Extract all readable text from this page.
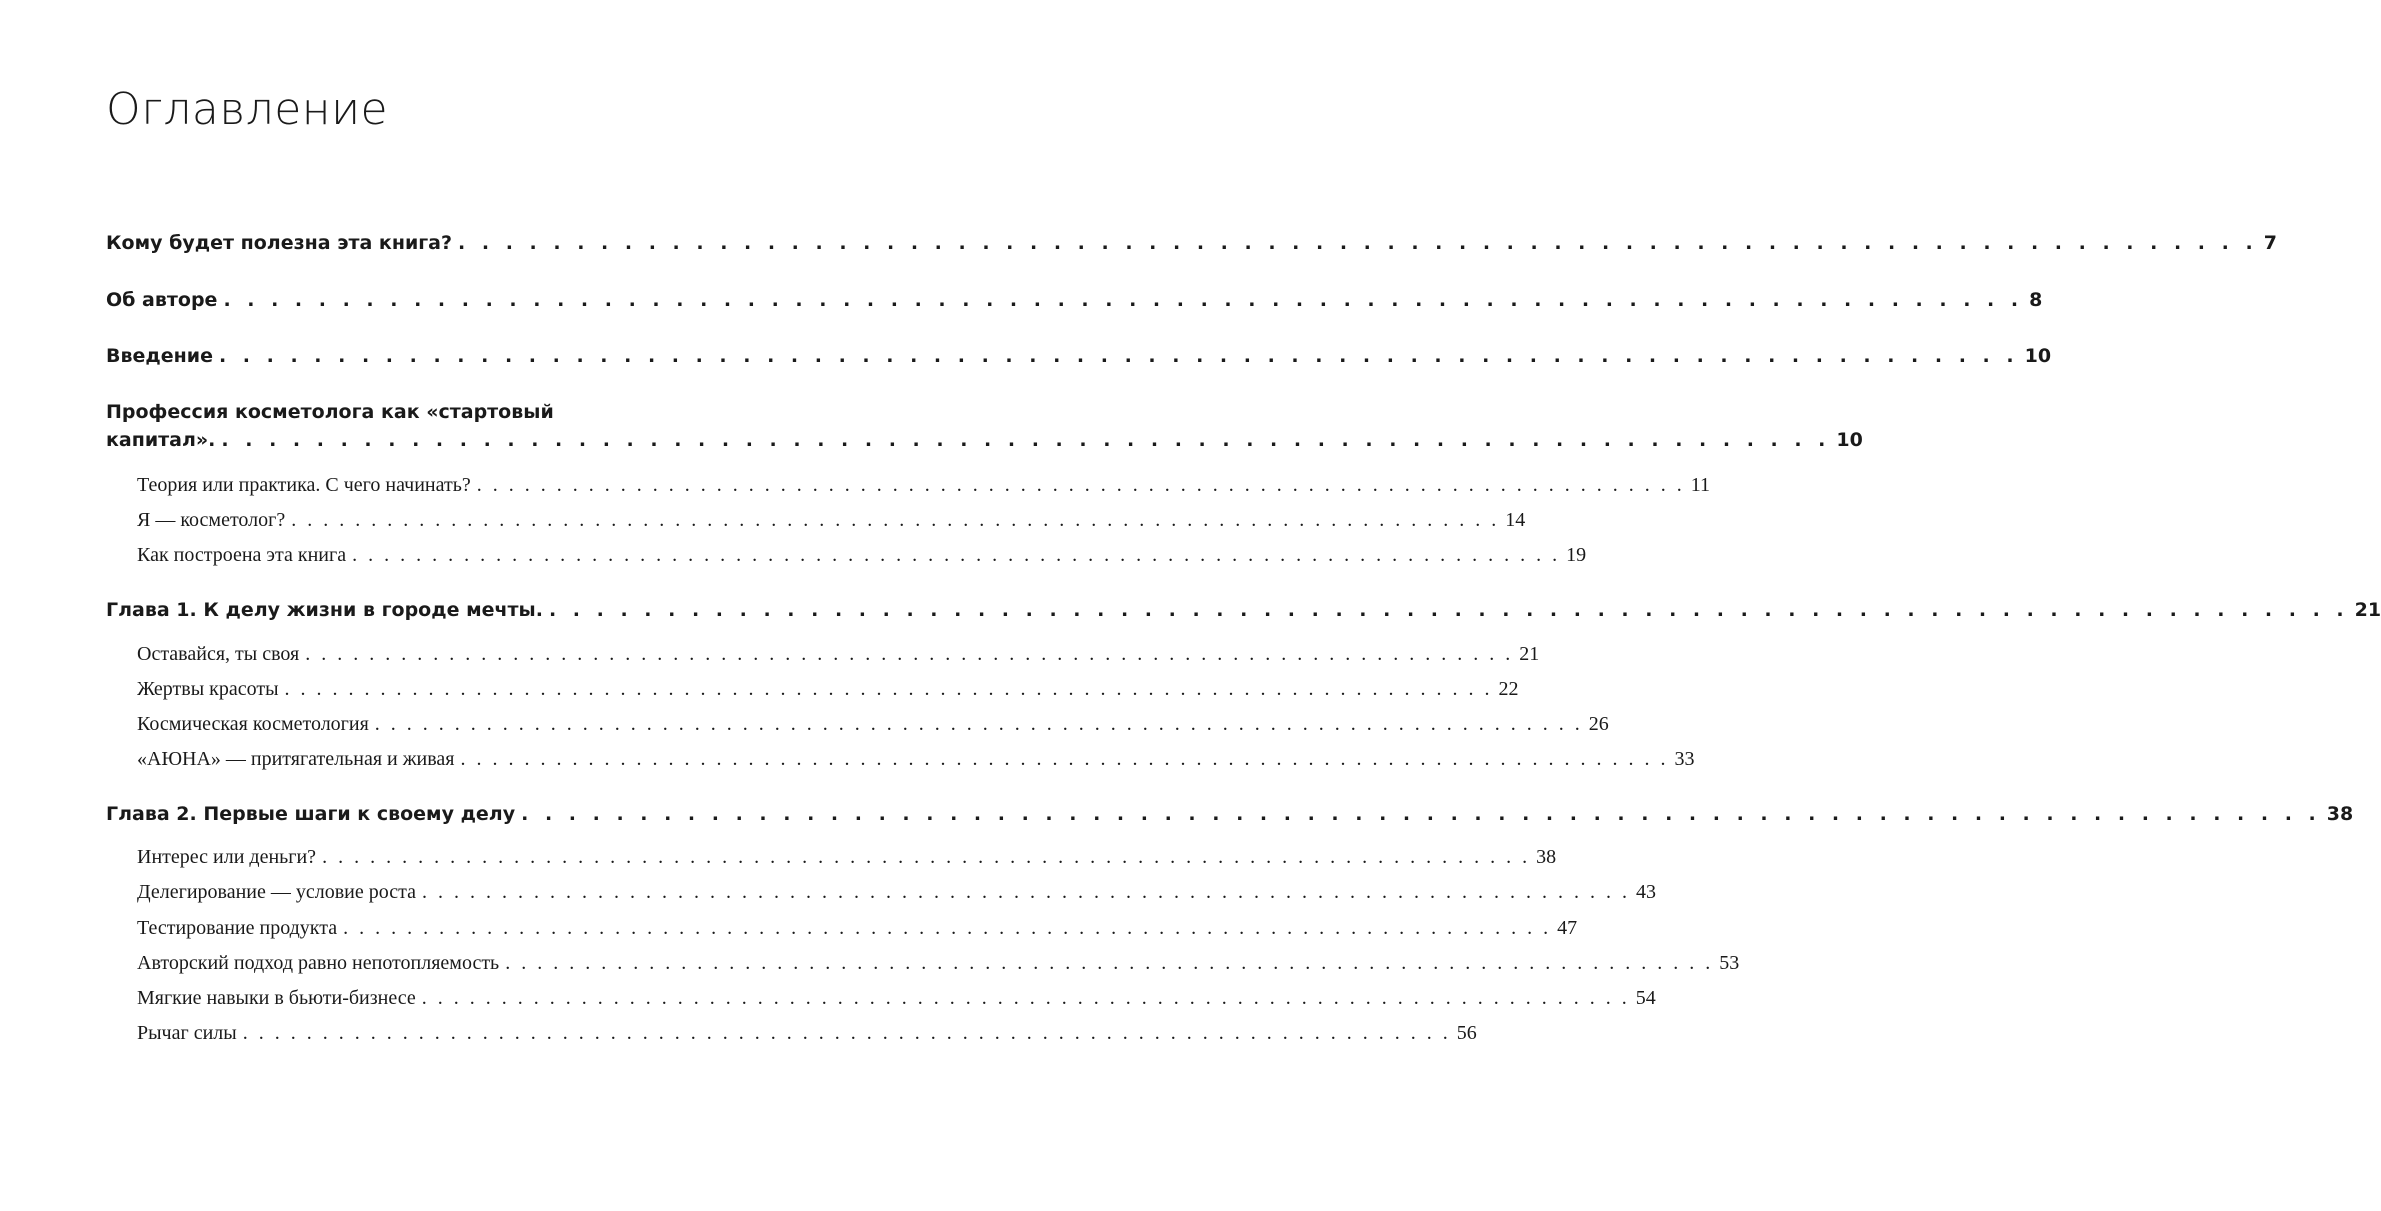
Оглавление
Кому будет полезна эта книга? . . .	7
Об авторе . . .	8
Введение . . .	10
Профессия косметолога как «стартовый
капитал». . . . . . . . . . . . . . . . . . . . . . . . . . . . . . . . . . . . . . . . . . . . . . . . . . . . . . . . . . . . . . . . . . . . . 10
Теория или практика. С чего начинать? . . .	11
Я — косметолог? . . .	14
Как построена эта книга . . .	19
Глава 1. К делу жизни в городе мечты. . . .	21
Оставайся, ты своя . . .	21
Жертвы красоты . . .	22
Космическая косметология . . .	26
«АЮНА» — притягательная и живая . . .	33
Глава 2. Первые шаги к своему делу . . .	38
Интерес или деньги? . . .	38
Делегирование — условие роста . . .	43
Тестирование продукта . . .	47
Авторский подход равно непотопляемость . . .	53
Мягкие навыки в бьюти-бизнесе . . .	54
Рычаг силы . . .	56
